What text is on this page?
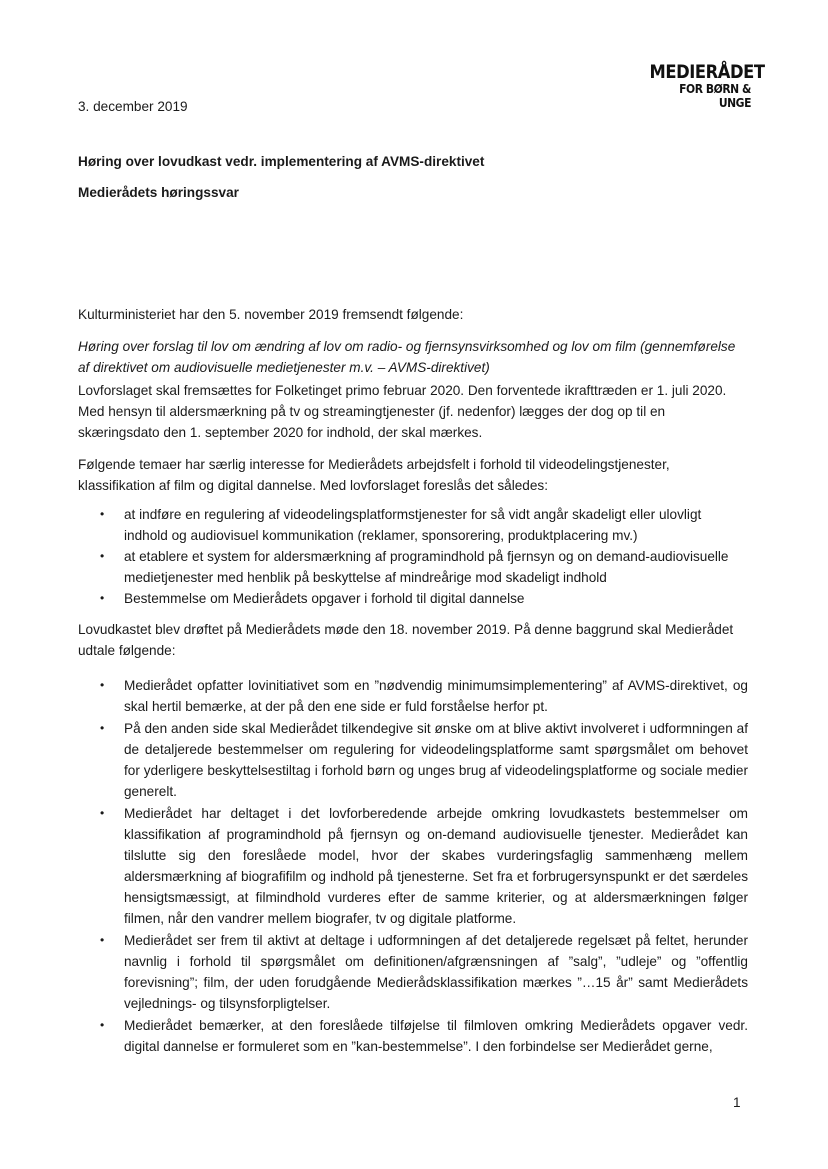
MEDIERÅDET
FOR BØRN & UNGE
3. december 2019
Høring over lovudkast vedr. implementering af AVMS-direktivet
Medierådets høringssvar

Kulturministeriet har den 5. november 2019 fremsendt følgende:

Høring over forslag til lov om ændring af lov om radio- og fjernsynsvirksomhed og lov om film (gennemførelse af direktivet om audiovisuelle medietjenester m.v. – AVMS-direktivet)

Lovforslaget skal fremsættes for Folketinget primo februar 2020. Den forventede ikrafttræden er 1. juli 2020. Med hensyn til aldersmærkning på tv og streamingtjenester (jf. nedenfor) lægges der dog op til en skæringsdato den 1. september 2020 for indhold, der skal mærkes.

Følgende temaer har særlig interesse for Medierådets arbejdsfelt i forhold til videodelingstjenester, klassifikation af film og digital dannelse. Med lovforslaget foreslås det således:

• at indføre en regulering af videodelingsplatformstjenester for så vidt angår skadeligt eller ulovligt indhold og audiovisuel kommunikation (reklamer, sponsorering, produktplacering mv.)
• at etablere et system for aldersmærkning af programindhold på fjernsyn og on demand-audiovisuelle medietjenester med henblik på beskyttelse af mindreårige mod skadeligt indhold
• Bestemmelse om Medierådets opgaver i forhold til digital dannelse

Lovudkastet blev drøftet på Medierådets møde den 18. november 2019. På denne baggrund skal Medierådet udtale følgende:

• Medierådet opfatter lovinitiativet som en ”nødvendig minimumsimplementering” af AVMS-direktivet, og skal hertil bemærke, at der på den ene side er fuld forståelse herfor pt.
• På den anden side skal Medierådet tilkendegive sit ønske om at blive aktivt involveret i udformningen af de detaljerede bestemmelser om regulering for videodelingsplatforme samt spørgsmålet om behovet for yderligere beskyttelsestiltag i forhold børn og unges brug af videodelingsplatforme og sociale medier generelt.
• Medierådet har deltaget i det lovforberedende arbejde omkring lovudkastets bestemmelser om klassifikation af programindhold på fjernsyn og on-demand audiovisuelle tjenester. Medierådet kan tilslutte sig den foreslåede model, hvor der skabes vurderingsfaglig sammenhæng mellem aldersmærkning af biografifilm og indhold på tjenesterne. Set fra et forbrugersynspunkt er det særdeles hensigtsmæssigt, at filmindhold vurderes efter de samme kriterier, og at aldersmærkningen følger filmen, når den vandrer mellem biografer, tv og digitale platforme.
• Medierådet ser frem til aktivt at deltage i udformningen af det detaljerede regelsæt på feltet, herunder navnlig i forhold til spørgsmålet om definitionen/afgrænsningen af ”salg”, ”udleje” og ”offentlig forevisning”; film, der uden forudgående Medierådsklassifikation mærkes ”…15 år” samt Medierådets vejlednings- og tilsynsforpligtelser.
• Medierådet bemærker, at den foreslåede tilføjelse til filmloven omkring Medierådets opgaver vedr. digital dannelse er formuleret som en ”kan-bestemmelse”. I den forbindelse ser Medierådet gerne,
1
